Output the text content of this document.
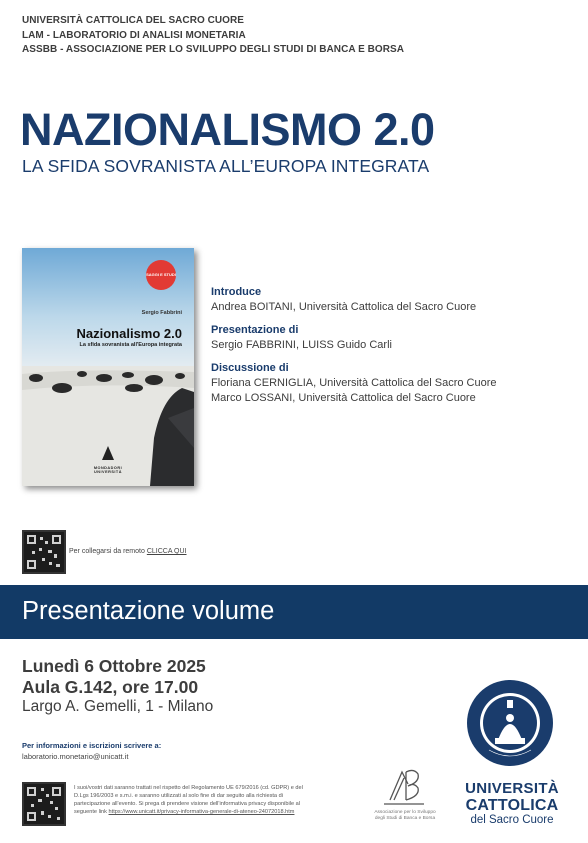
UNIVERSITÀ CATTOLICA DEL SACRO CUORE
LAM - LABORATORIO DI ANALISI MONETARIA
ASSBB - ASSOCIAZIONE PER LO SVILUPPO DEGLI STUDI DI BANCA E BORSA
NAZIONALISMO 2.0
LA SFIDA SOVRANISTA ALL’EUROPA INTEGRATA
SAGGI E STUDI
Sergio Fabbrini
Nazionalismo 2.0
La sfida sovranista all'Europa integrata
MONDADORI
UNIVERSITÀ
Introduce
Andrea BOITANI, Università Cattolica del Sacro Cuore
Presentazione di
Sergio FABBRINI, LUISS Guido Carli
Discussione di
Floriana CERNIGLIA, Università Cattolica del Sacro Cuore
Marco LOSSANI, Università Cattolica del Sacro Cuore
Per collegarsi da remoto CLICCA QUI
Presentazione volume
Lunedì 6 Ottobre 2025
Aula G.142, ore 17.00
Largo A. Gemelli, 1 - Milano
Per informazioni e iscrizioni scrivere a:
laboratorio.monetario@unicatt.it
I suoi/vostri dati saranno trattati nel rispetto del Regolamento UE 679/2016 (cd. GDPR) e del D.Lgs 196/2003 e s.m.i. e saranno utilizzati al solo fine di dar seguito alla richiesta di partecipazione all'evento. Si prega di prendere visione dell'informativa privacy disponibile al seguente link https://www.unicatt.it/privacy-informativa-generale-di-ateneo-24072018.htm	Associazione per lo Sviluppo degli Studi di Banca e Borsa
UNIVERSITÀ
CATTOLICA
del Sacro Cuore
